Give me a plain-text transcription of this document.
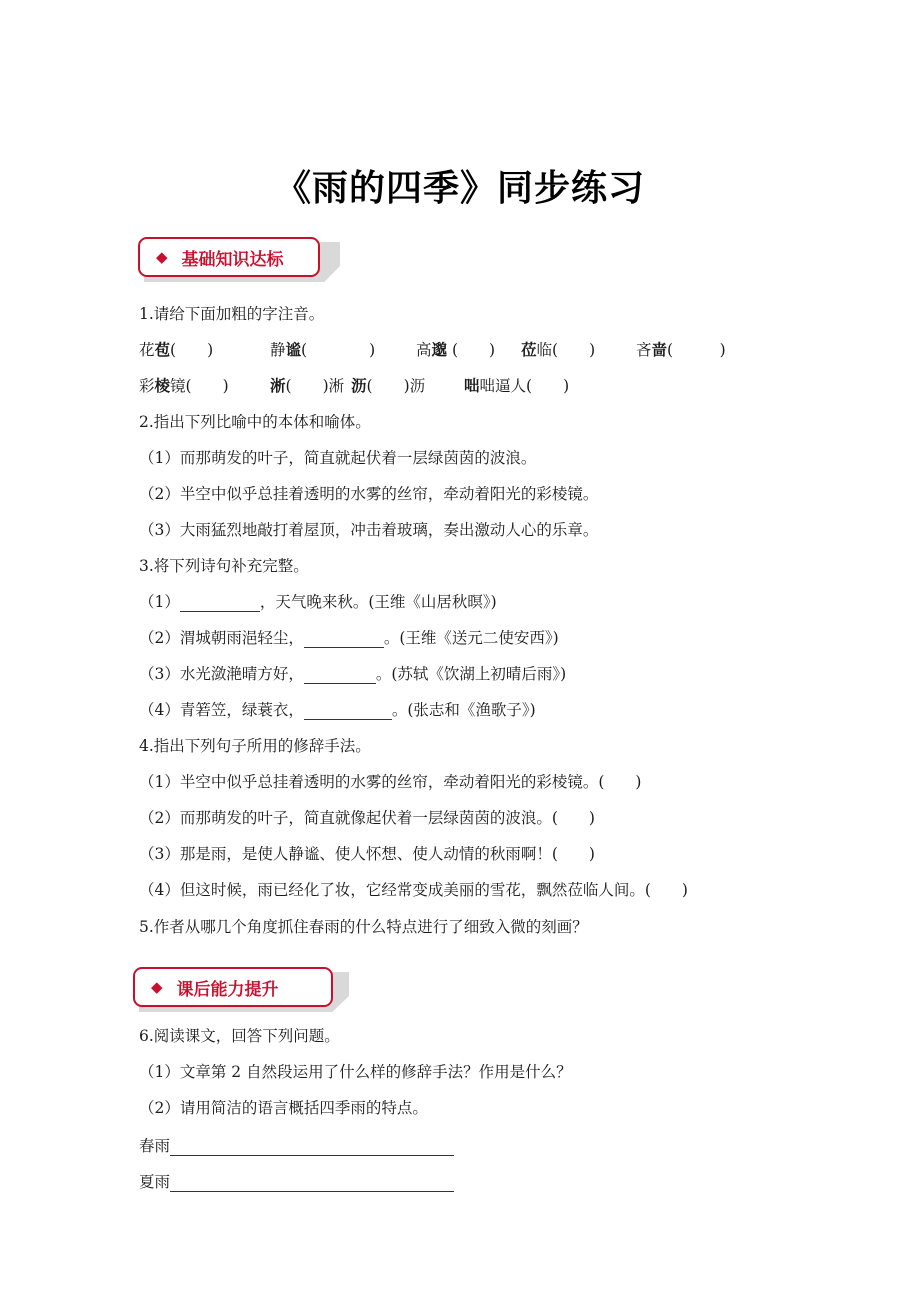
《雨的四季》同步练习
◆ 基础知识达标
1.请给下面加粗的字注音。
花苞(　　)	静谧(　　　　)	高邈 (　　) 莅临(　　)	吝啬(　　　)
彩棱镜(　　)	淅(　　)淅 沥(　　)沥	咄咄逼人(　　)
2.指出下列比喻中的本体和喻体。
（1）而那萌发的叶子，简直就起伏着一层绿茵茵的波浪。
（2）半空中似乎总挂着透明的水雾的丝帘，牵动着阳光的彩棱镜。
（3）大雨猛烈地敲打着屋顶，冲击着玻璃，奏出激动人心的乐章。
3.将下列诗句补充完整。
（1）	，天气晚来秋。(王维《山居秋暝》)
（2）渭城朝雨浥轻尘，	。(王维《送元二使安西》)
（3）水光潋滟晴方好，	。(苏轼《饮湖上初晴后雨》)
（4）青箬笠，绿蓑衣，	。(张志和《渔歌子》)
4.指出下列句子所用的修辞手法。
（1）半空中似乎总挂着透明的水雾的丝帘，牵动着阳光的彩棱镜。(　　)
（2）而那萌发的叶子，简直就像起伏着一层绿茵茵的波浪。(　　)
（3）那是雨，是使人静谧、使人怀想、使人动情的秋雨啊！(　　)
（4）但这时候，雨已经化了妆，它经常变成美丽的雪花，飘然莅临人间。(　　)
5.作者从哪几个角度抓住春雨的什么特点进行了细致入微的刻画？
◆ 课后能力提升
6.阅读课文，回答下列问题。
（1）文章第 2 自然段运用了什么样的修辞手法？作用是什么？
（2）请用简洁的语言概括四季雨的特点。
春雨
夏雨
